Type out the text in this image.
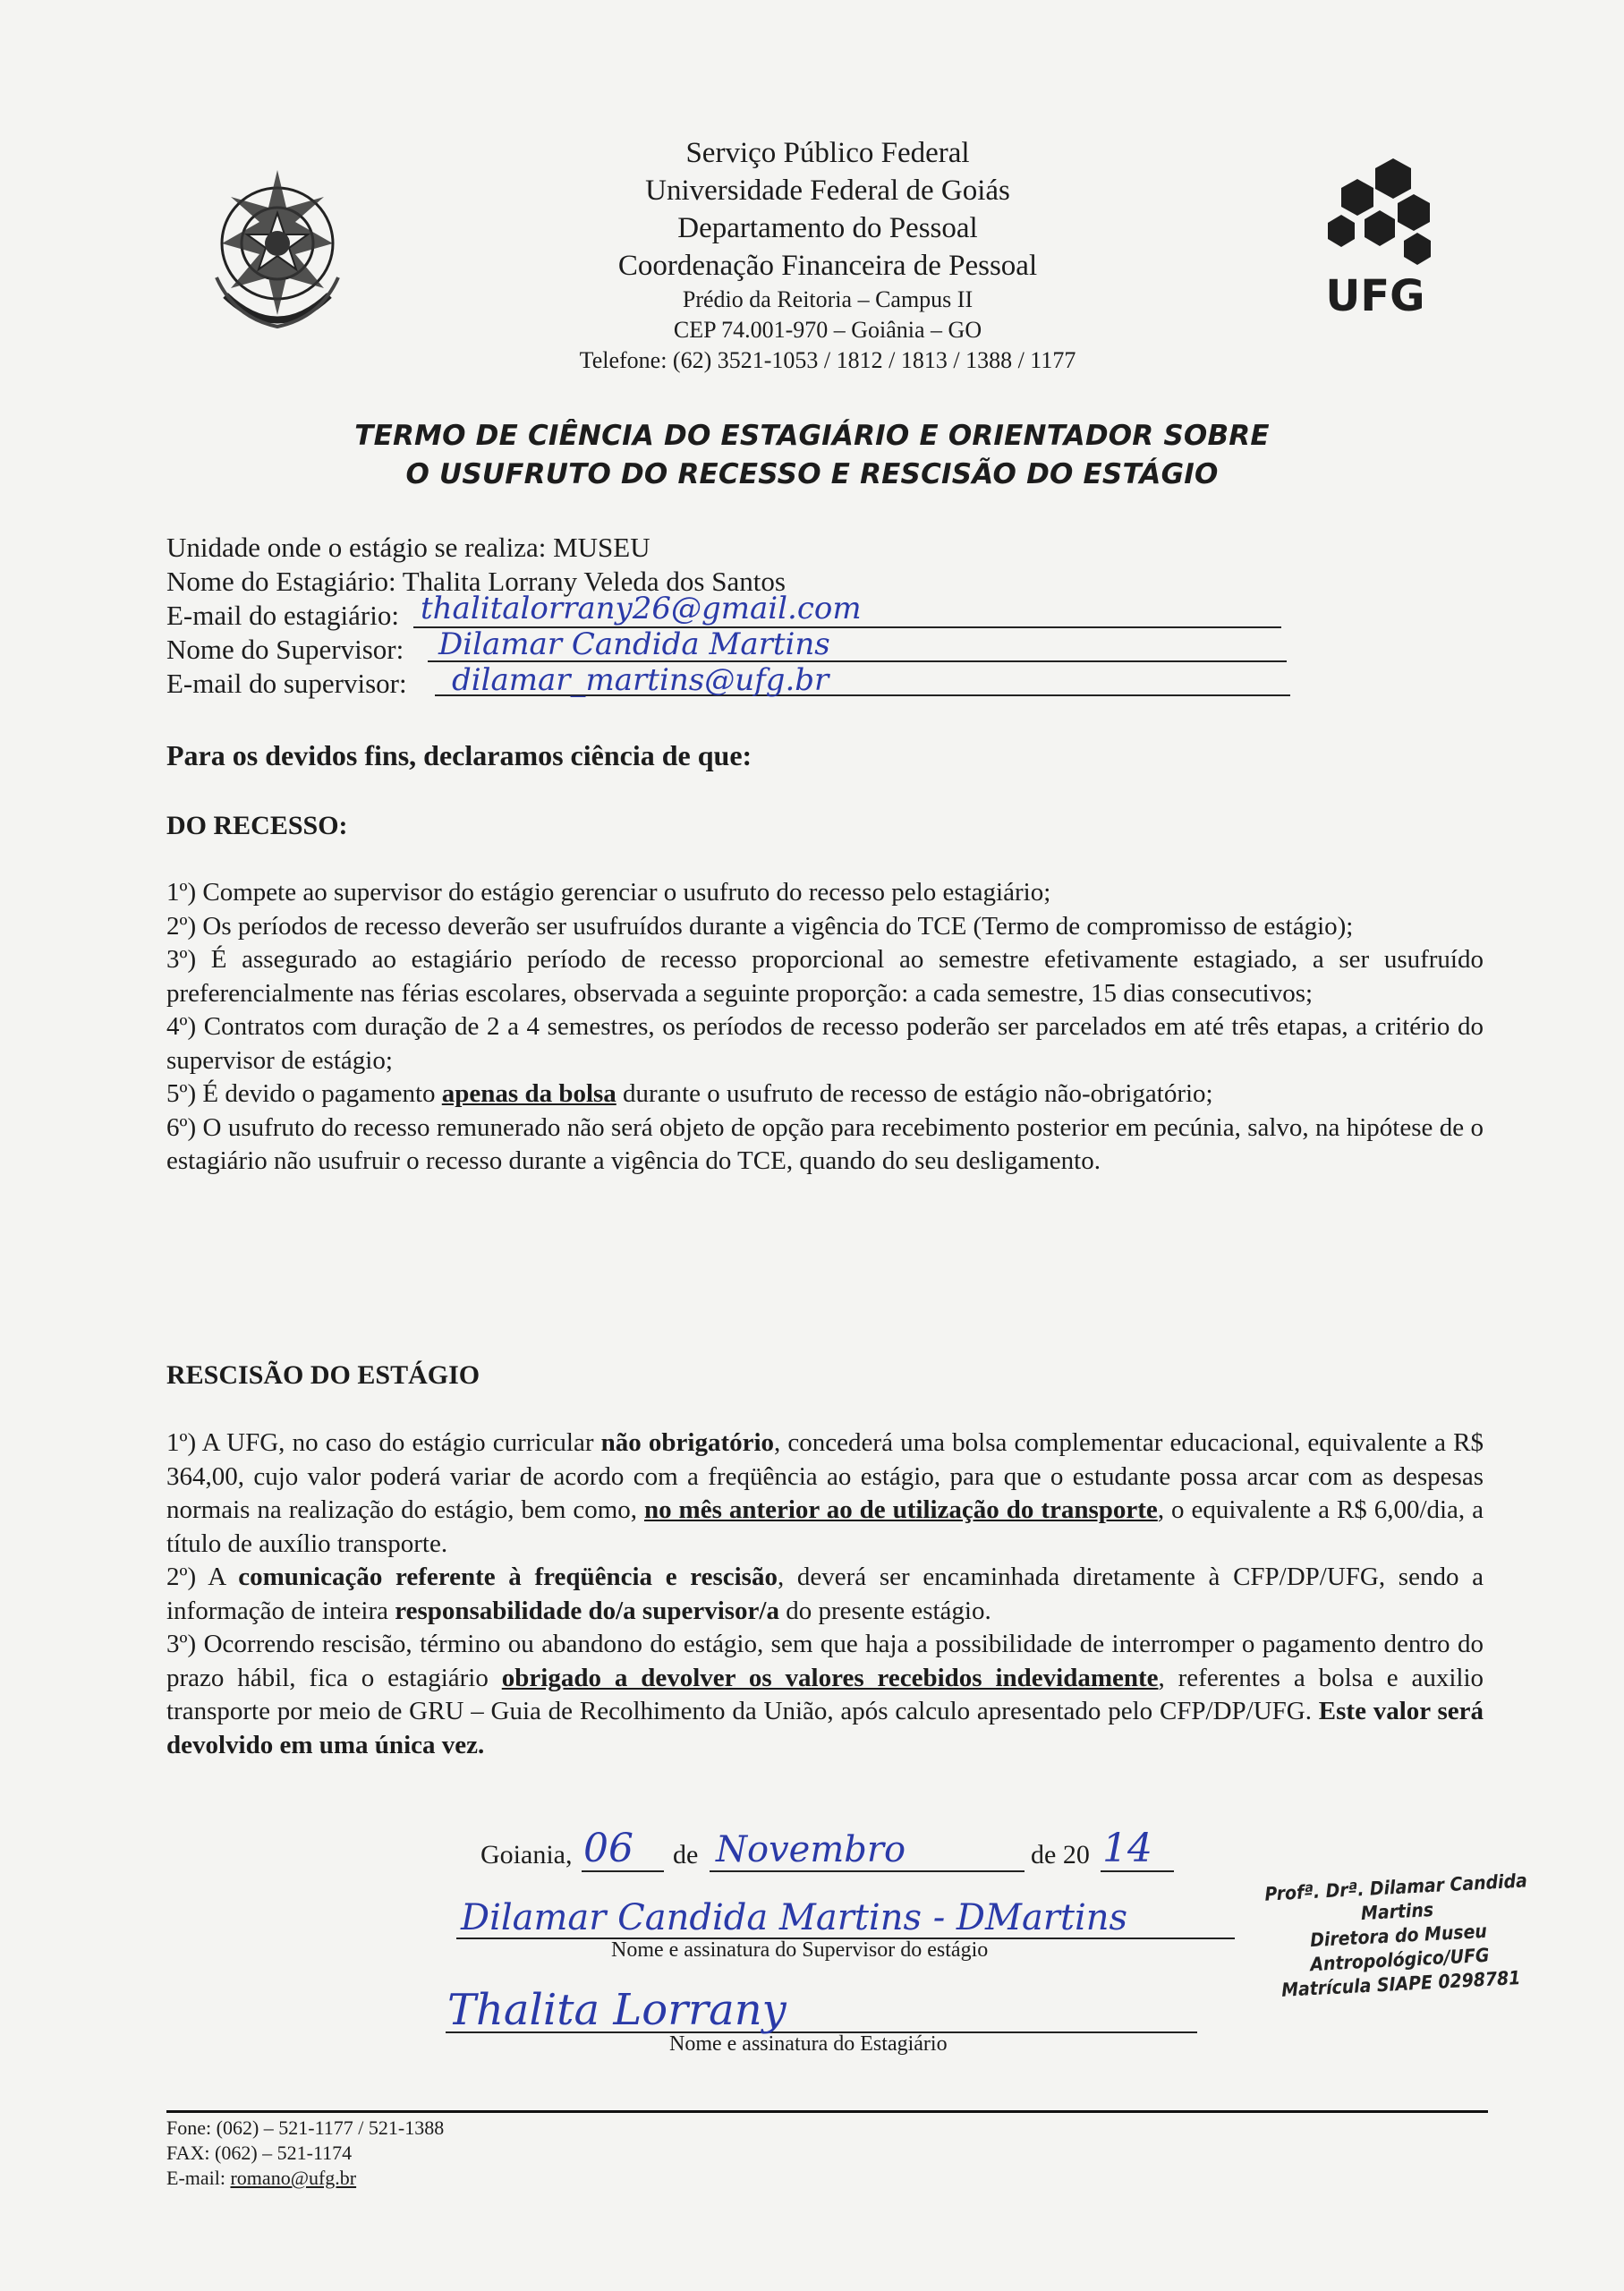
Serviço Público Federal
Universidade Federal de Goiás
Departamento do Pessoal
Coordenação Financeira de Pessoal
Prédio da Reitoria – Campus II
CEP 74.001-970 – Goiânia – GO
Telefone: (62) 3521-1053 / 1812 / 1813 / 1388 / 1177
UFG
TERMO DE CIÊNCIA DO ESTAGIÁRIO E ORIENTADOR SOBRE
O USUFRUTO DO RECESSO E RESCISÃO DO ESTÁGIO
Unidade onde o estágio se realiza: MUSEU
Nome do Estagiário: Thalita Lorrany Veleda dos Santos
E-mail do estagiário: thalitalorrany26@gmail.com
Nome do Supervisor: Dilamar Candida Martins
E-mail do supervisor: dilamar_martins@ufg.br
Para os devidos fins, declaramos ciência de que:
DO RECESSO:

1º) Compete ao supervisor do estágio gerenciar o usufruto do recesso pelo estagiário;

2º) Os períodos de recesso deverão ser usufruídos durante a vigência do TCE (Termo de compromisso de estágio);

3º) É assegurado ao estagiário período de recesso proporcional ao semestre efetivamente estagiado, a ser usufruído preferencialmente nas férias escolares, observada a seguinte proporção: a cada semestre, 15 dias consecutivos;

4º) Contratos com duração de 2 a 4 semestres, os períodos de recesso poderão ser parcelados em até três etapas, a critério do supervisor de estágio;

5º) É devido o pagamento apenas da bolsa durante o usufruto de recesso de estágio não-obrigatório;

6º) O usufruto do recesso remunerado não será objeto de opção para recebimento posterior em pecúnia, salvo, na hipótese de o estagiário não usufruir o recesso durante a vigência do TCE, quando do seu desligamento.

RESCISÃO DO ESTÁGIO

1º) A UFG, no caso do estágio curricular não obrigatório, concederá uma bolsa complementar educacional, equivalente a R$ 364,00, cujo valor poderá variar de acordo com a freqüência ao estágio, para que o estudante possa arcar com as despesas normais na realização do estágio, bem como, no mês anterior ao de utilização do transporte, o equivalente a R$ 6,00/dia, a título de auxílio transporte.

2º) A comunicação referente à freqüência e rescisão, deverá ser encaminhada diretamente à CFP/DP/UFG, sendo a informação de inteira responsabilidade do/a supervisor/a do presente estágio.

3º) Ocorrendo rescisão, término ou abandono do estágio, sem que haja a possibilidade de interromper o pagamento dentro do prazo hábil, fica o estagiário obrigado a devolver os valores recebidos indevidamente, referentes a bolsa e auxilio transporte por meio de GRU – Guia de Recolhimento da União, após calculo apresentado pelo CFP/DP/UFG. Este valor será devolvido em uma única vez.

Goiania, 06 de Novembro	de 20 14
Dilamar Candida Martins - DMartins
Nome e assinatura do Supervisor do estágio
Profª. Drª. Dilamar Candida Martins
Diretora do Museu Antropológico/UFG
Matrícula SIAPE 0298781
Thalita Lorrany
Nome e assinatura do Estagiário
Fone: (062) – 521-1177 / 521-1388
FAX: (062) – 521-1174
E-mail: romano@ufg.br
